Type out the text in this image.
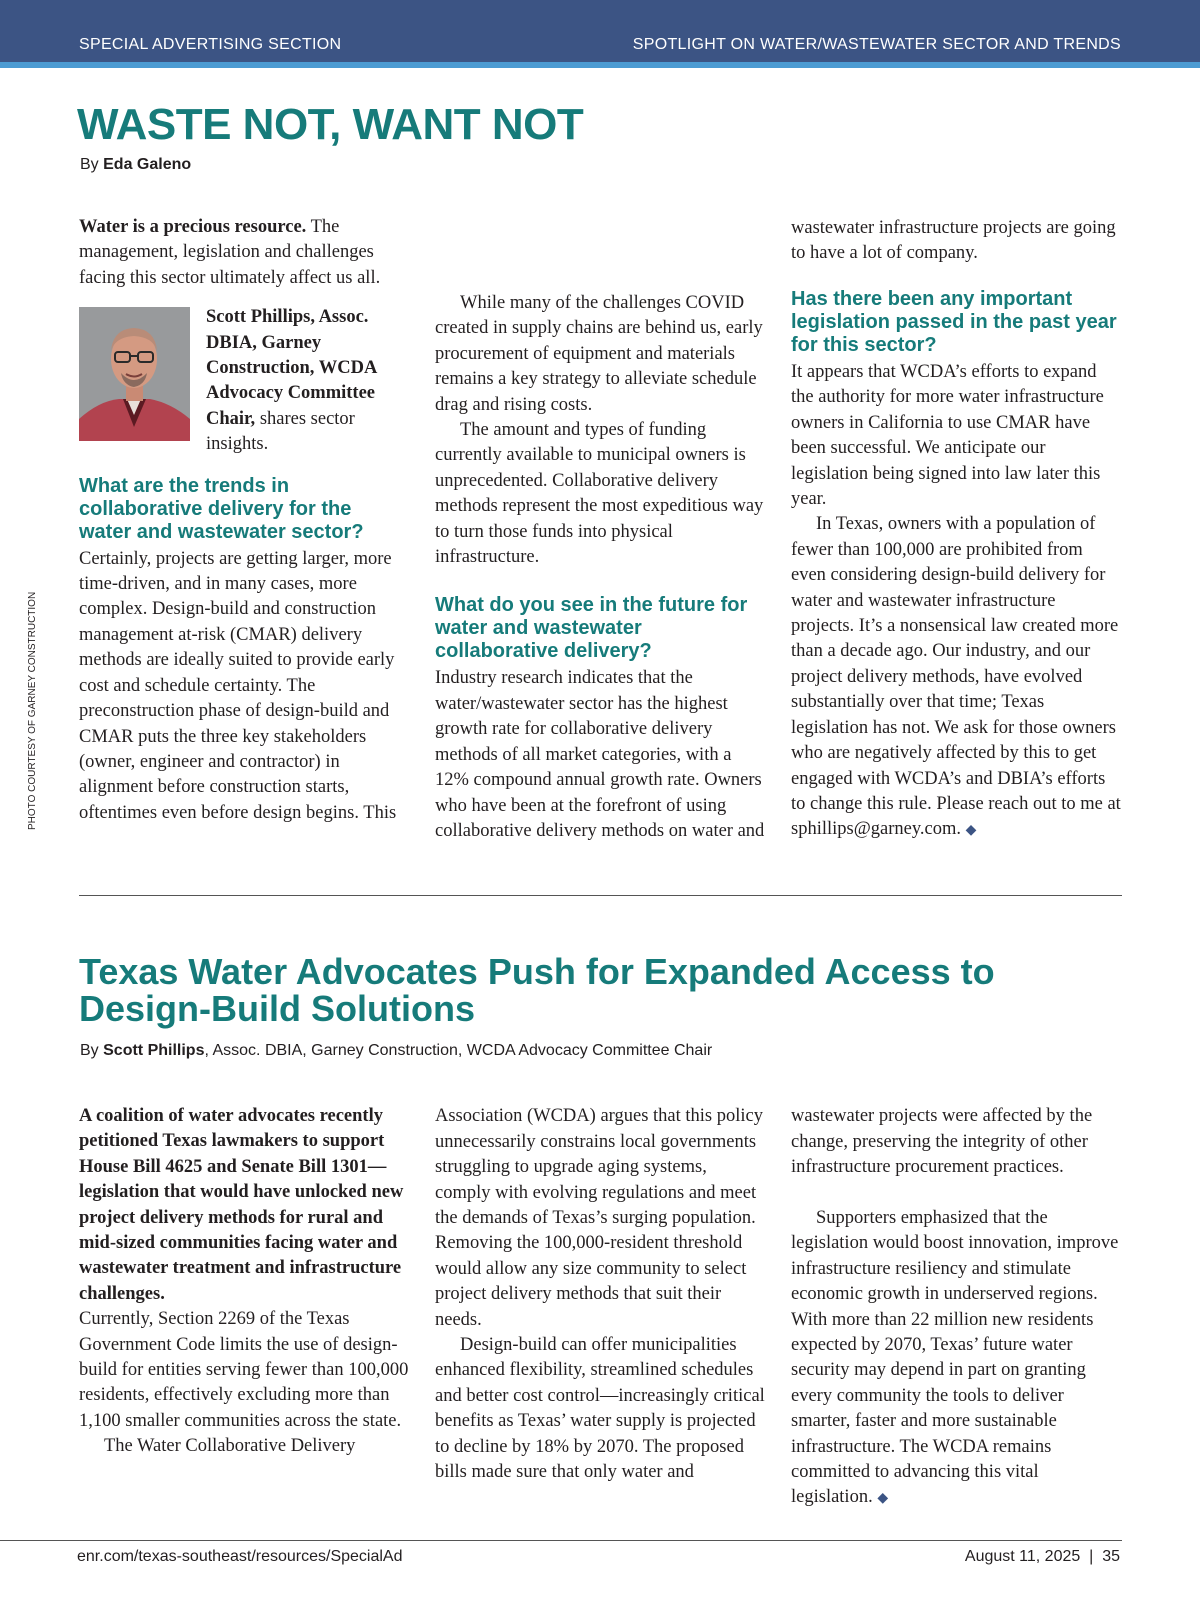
SPECIAL ADVERTISING SECTION	SPOTLIGHT ON WATER/WASTEWATER SECTOR AND TRENDS
WASTE NOT, WANT NOT
By Eda Galeno
PHOTO COURTESY OF GARNEY CONSTRUCTION

Water is a precious resource. The management, legislation and challenges facing this sector ultimately affect us all.

Scott Phillips, Assoc. DBIA, Garney Construction, WCDA Advocacy Committee Chair, shares sector insights.

What are the trends in collaborative delivery for the water and wastewater sector?

Certainly, projects are getting larger, more time-driven, and in many cases, more complex. Design-build and construction management at-risk (CMAR) delivery methods are ideally suited to provide early cost and schedule certainty. The preconstruction phase of design-build and CMAR puts the three key stakeholders (owner, engineer and contractor) in alignment before construction starts, oftentimes even before design begins. This

While many of the challenges COVID created in supply chains are behind us, early procurement of equipment and materials remains a key strategy to alleviate schedule drag and rising costs.

The amount and types of funding currently available to municipal owners is unprecedented. Collaborative delivery methods represent the most expeditious way to turn those funds into physical infrastructure.

What do you see in the future for water and wastewater collaborative delivery?

Industry research indicates that the water/wastewater sector has the highest growth rate for collaborative delivery methods of all market categories, with a 12% compound annual growth rate. Owners who have been at the forefront of using collaborative delivery methods on water and

wastewater infrastructure projects are going to have a lot of company.

Has there been any important legislation passed in the past year for this sector?

It appears that WCDA’s efforts to expand the authority for more water infrastructure owners in California to use CMAR have been successful. We anticipate our legislation being signed into law later this year.

In Texas, owners with a population of fewer than 100,000 are prohibited from even considering design-build delivery for water and wastewater infrastructure projects. It’s a nonsensical law created more than a decade ago. Our industry, and our project delivery methods, have evolved substantially over that time; Texas legislation has not. We ask for those owners who are negatively affected by this to get engaged with WCDA’s and DBIA’s efforts to change this rule. Please reach out to me at sphillips@garney.com. ◆

Texas Water Advocates Push for Expanded Access to Design-Build Solutions
By Scott Phillips, Assoc. DBIA, Garney Construction, WCDA Advocacy Committee Chair

A coalition of water advocates recently petitioned Texas lawmakers to support House Bill 4625 and Senate Bill 1301—legislation that would have unlocked new project delivery methods for rural and mid-sized communities facing water and wastewater treatment and infrastructure challenges.

Currently, Section 2269 of the Texas Government Code limits the use of design-build for entities serving fewer than 100,000 residents, effectively excluding more than 1,100 smaller communities across the state.

The Water Collaborative Delivery

Association (WCDA) argues that this policy unnecessarily constrains local governments struggling to upgrade aging systems, comply with evolving regulations and meet the demands of Texas’s surging population. Removing the 100,000-resident threshold would allow any size community to select project delivery methods that suit their needs.

Design-build can offer municipalities enhanced flexibility, streamlined schedules and better cost control—increasingly critical benefits as Texas’ water supply is projected to decline by 18% by 2070. The proposed bills made sure that only water and

wastewater projects were affected by the change, preserving the integrity of other infrastructure procurement practices.

Supporters emphasized that the legislation would boost innovation, improve infrastructure resiliency and stimulate economic growth in underserved regions. With more than 22 million new residents expected by 2070, Texas’ future water security may depend in part on granting every community the tools to deliver smarter, faster and more sustainable infrastructure. The WCDA remains committed to advancing this vital legislation. ◆

enr.com/texas-southeast/resources/SpecialAd	August 11, 2025 | 35
